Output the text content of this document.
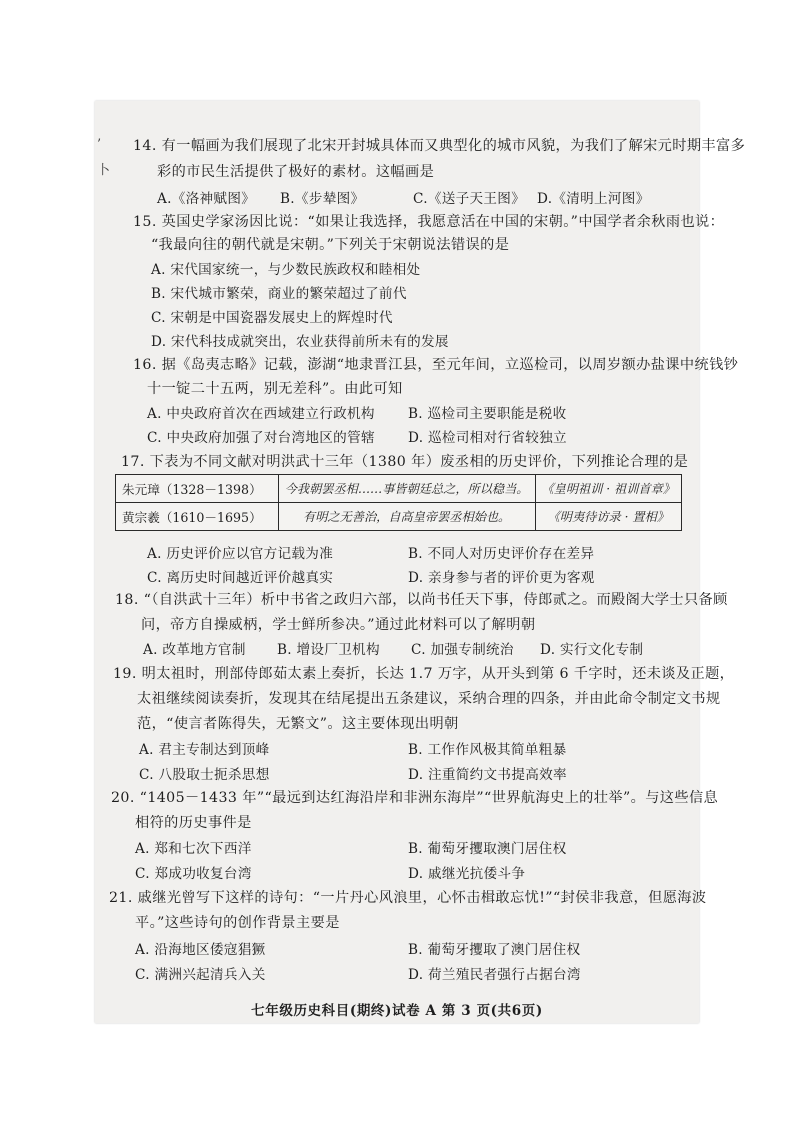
’
卜
14. 有一幅画为我们展现了北宋开封城具体而又典型化的城市风貌，为我们了解宋元时期丰富多
彩的市民生活提供了极好的素材。这幅画是
A.《洛神赋图》 B.《步辇图》	C.《送子天王图》 D.《清明上河图》
15. 英国史学家汤因比说：“如果让我选择，我愿意活在中国的宋朝。”中国学者余秋雨也说：
“我最向往的朝代就是宋朝。”下列关于宋朝说法错误的是
A. 宋代国家统一，与少数民族政权和睦相处
B. 宋代城市繁荣，商业的繁荣超过了前代
C. 宋朝是中国瓷器发展史上的辉煌时代
D. 宋代科技成就突出，农业获得前所未有的发展
16. 据《岛夷志略》记载，澎湖“地隶晋江县，至元年间，立巡检司，以周岁额办盐课中统钱钞
十一锭二十五两，别无差科”。由此可知
A. 中央政府首次在西域建立行政机构 B. 巡检司主要职能是税收
C. 中央政府加强了对台湾地区的管辖 D. 巡检司相对行省较独立
17. 下表为不同文献对明洪武十三年（1380 年）废丞相的历史评价，下列推论合理的是
朱元璋（1328－1398）	今我朝罢丞相……事皆朝廷总之，所以稳当。	《皇明祖训 · 祖训首章》
黄宗羲（1610－1695）	有明之无善治，自高皇帝罢丞相始也。	《明夷待访录 · 置相》
A. 历史评价应以官方记载为准	B. 不同人对历史评价存在差异
C. 离历史时间越近评价越真实	D. 亲身参与者的评价更为客观
18. “（自洪武十三年）析中书省之政归六部，以尚书任天下事，侍郎贰之。而殿阁大学士只备顾
问，帝方自操威柄，学士鲜所参决。”通过此材料可以了解明朝
A. 改革地方官制 B. 增设厂卫机构 C. 加强专制统治 D. 实行文化专制
19. 明太祖时，刑部侍郎茹太素上奏折，长达 1.7 万字，从开头到第 6 千字时，还未谈及正题，
太祖继续阅读奏折，发现其在结尾提出五条建议，采纳合理的四条，并由此命令制定文书规
范，“使言者陈得失，无繁文”。这主要体现出明朝
A. 君主专制达到顶峰	B. 工作作风极其简单粗暴
C. 八股取士扼杀思想	D. 注重简约文书提高效率
20. “1405－1433 年”“最远到达红海沿岸和非洲东海岸”“世界航海史上的壮举”。与这些信息
相符的历史事件是
A. 郑和七次下西洋	B. 葡萄牙攫取澳门居住权
C. 郑成功收复台湾	D. 戚继光抗倭斗争
21. 戚继光曾写下这样的诗句：“一片丹心风浪里，心怀击楫敢忘忧!”“封侯非我意，但愿海波
平。”这些诗句的创作背景主要是
A. 沿海地区倭寇猖獗	B. 葡萄牙攫取了澳门居住权
C. 满洲兴起清兵入关	D. 荷兰殖民者强行占据台湾
七年级历史科目(期终)试卷 A 第 3 页(共6页)
